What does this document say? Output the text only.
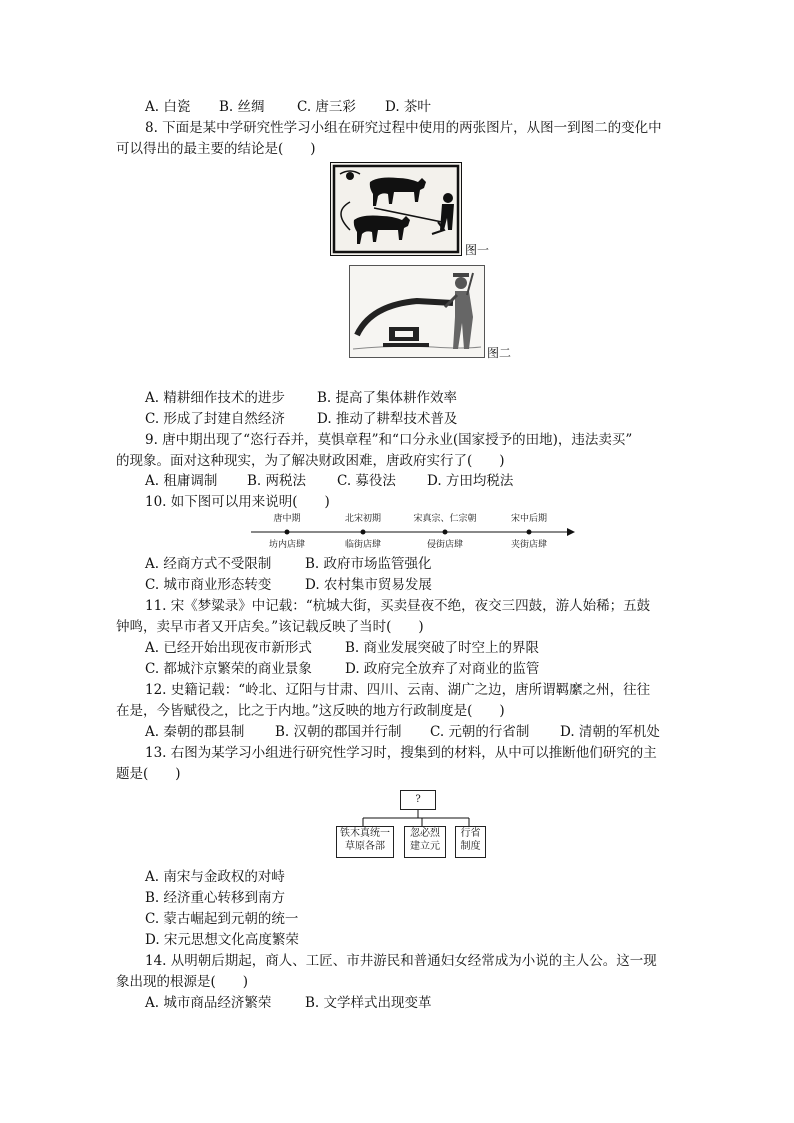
A. 白瓷 B. 丝绸 C. 唐三彩 D. 茶叶
8. 下面是某中学研究性学习小组在研究过程中使用的两张图片，从图一到图二的变化中
可以得出的最主要的结论是(　　)
图一
图二
A. 精耕细作技术的进步 B. 提高了集体耕作效率
C. 形成了封建自然经济 D. 推动了耕犁技术普及
9. 唐中期出现了“恣行吞并，莫惧章程”和“口分永业(国家授予的田地)，违法卖买”
的现象。面对这种现实，为了解决财政困难，唐政府实行了(　　)
A. 租庸调制 B. 两税法 C. 募役法 D. 方田均税法
10. 如下图可以用来说明(　　)
唐中期	北宋初期	宋真宗、仁宗朝	宋中后期
坊内店肆	临街店肆	侵街店肆	夹街店肆
A. 经商方式不受限制 B. 政府市场监管强化
C. 城市商业形态转变 D. 农村集市贸易发展
11. 宋《梦粱录》中记载：“杭城大街，买卖昼夜不绝，夜交三四鼓，游人始稀；五鼓
钟鸣，卖早市者又开店矣。”该记载反映了当时(　　)
A. 已经开始出现夜市新形式 B. 商业发展突破了时空上的界限
C. 都城汴京繁荣的商业景象 D. 政府完全放弃了对商业的监管
12. 史籍记载：“岭北、辽阳与甘肃、四川、云南、湖广之边，唐所谓羁縻之州，往往
在是，今皆赋役之，比之于内地。”这反映的地方行政制度是(　　)
A. 秦朝的郡县制 B. 汉朝的郡国并行制 C. 元朝的行省制 D. 清朝的军机处
13. 右图为某学习小组进行研究性学习时，搜集到的材料，从中可以推断他们研究的主
题是(　　)
?
铁木真统一
草原各部
忽必烈
建立元
行省
制度
A. 南宋与金政权的对峙
B. 经济重心转移到南方
C. 蒙古崛起到元朝的统一
D. 宋元思想文化高度繁荣
14. 从明朝后期起，商人、工匠、市井游民和普通妇女经常成为小说的主人公。这一现
象出现的根源是(　　)
A. 城市商品经济繁荣 B. 文学样式出现变革
